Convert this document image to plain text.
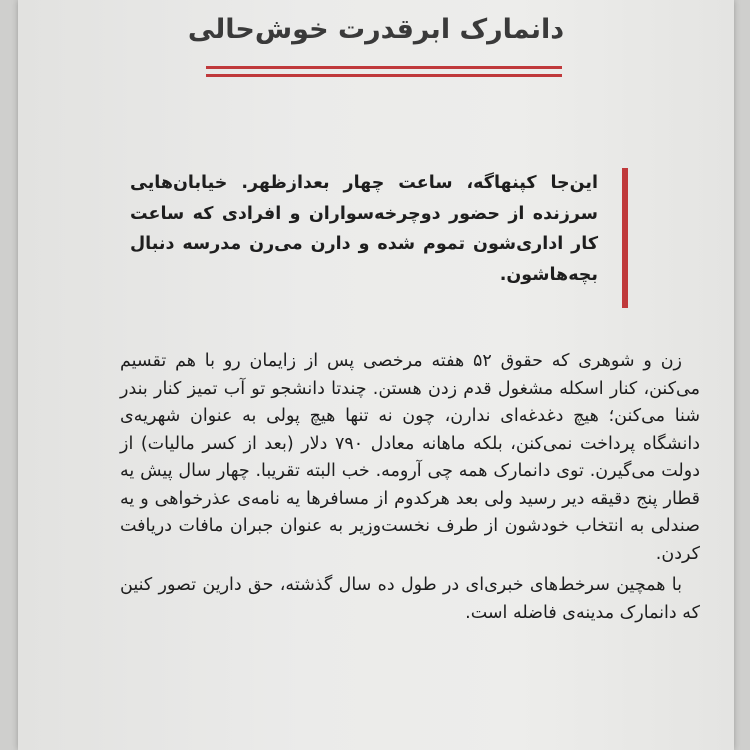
دانمارک ابرقدرت خوش‌حالی

این‌جا کپنهاگه، ساعت چهار بعدازظهر. خیابان‌هایی سرزنده از حضور دوچرخه‌سواران و افرادی که ساعت کار اداری‌شون تموم شده و دارن می‌رن مدرسه دنبال بچه‌هاشون.

زن و شوهری که حقوق ۵۲ هفته مرخصی پس از زایمان رو با هم تقسیم می‌کنن، کنار اسکله مشغول قدم زدن هستن. چندتا دانشجو تو آب تمیز کنار بندر شنا می‌کنن؛ هیچ دغدغه‌ای ندارن، چون نه تنها هیچ پولی به عنوان شهریه‌ی دانشگاه پرداخت نمی‌کنن، بلکه ماهانه معادل ۷۹۰ دلار (بعد از کسر مالیات) از دولت می‌گیرن. توی دانمارک همه چی آرومه. خب البته تقریبا. چهار سال پیش یه قطار پنج دقیقه دیر رسید ولی بعد هرکدوم از مسافرها یه نامه‌ی عذرخواهی و یه صندلی به انتخاب خودشون از طرف نخست‌وزیر به عنوان جبران مافات دریافت کردن.

با همچین سرخط‌های خبری‌ای در طول ده سال گذشته، حق دارین تصور کنین که دانمارک مدینه‌ی فاضله است.
